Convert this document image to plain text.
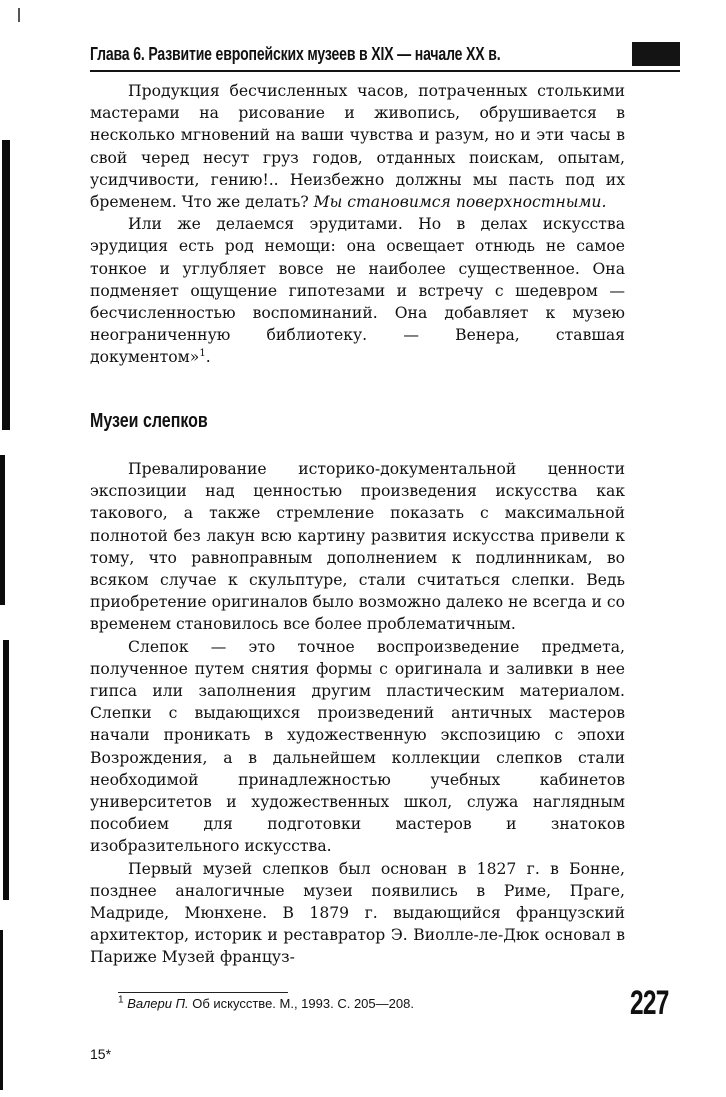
Глава 6. Развитие европейских музеев в XIX — начале XX в.

Продукция бесчисленных часов, потраченных столькими мастерами на рисование и живопись, обрушивается в несколько мгновений на ваши чувства и разум, но и эти часы в свой черед несут груз годов, отданных поискам, опытам, усидчивости, гению!.. Неизбежно должны мы пасть под их бременем. Что же делать? Мы становимся поверхностными.

Или же делаемся эрудитами. Но в делах искусства эрудиция есть род немощи: она освещает отнюдь не самое тонкое и углубляет вовсе не наиболее существенное. Она подменяет ощущение гипотезами и встречу с шедевром — бесчисленностью воспоминаний. Она добавляет к музею неограниченную библиотеку. — Венера, ставшая документом»$^1$.

Музеи слепков

Превалирование историко-документальной ценности экспозиции над ценностью произведения искусства как такового, а также стремление показать с максимальной полнотой без лакун всю картину развития искусства привели к тому, что равноправным дополнением к подлинникам, во всяком случае к скульптуре, стали считаться слепки. Ведь приобретение оригиналов было возможно далеко не всегда и со временем становилось все более проблематичным.

Слепок — это точное воспроизведение предмета, полученное путем снятия формы с оригинала и заливки в нее гипса или заполнения другим пластическим материалом. Слепки с выдающихся произведений античных мастеров начали проникать в художественную экспозицию с эпохи Возрождения, а в дальнейшем коллекции слепков стали необходимой принадлежностью учебных кабинетов университетов и художественных школ, служа наглядным пособием для подготовки мастеров и знатоков изобразительного искусства.

Первый музей слепков был основан в 1827 г. в Бонне, позднее аналогичные музеи появились в Риме, Праге, Мадриде, Мюнхене. В 1879 г. выдающийся французский архитектор, историк и реставратор Э. Виолле-ле-Дюк основал в Париже Музей француз-

$^1$ Валери П. Об искусстве. М., 1993. С. 205—208.	227
15*
